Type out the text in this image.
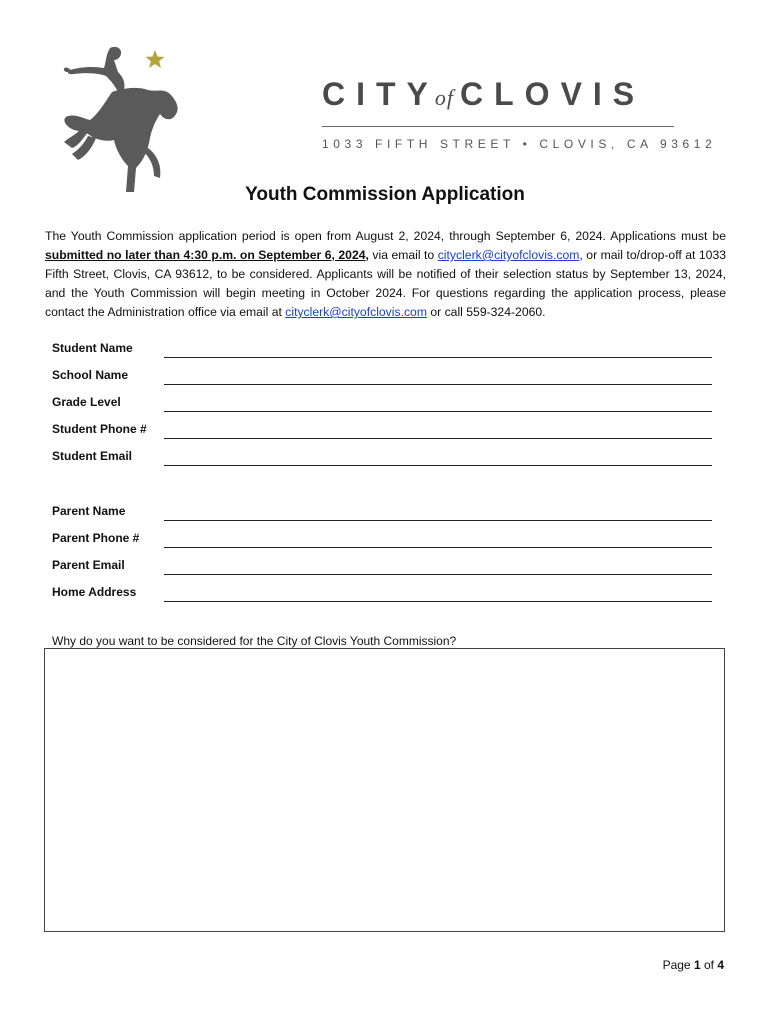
CITY
of CLOVIS
1033 FIFTH STREET • CLOVIS, CA 93612
Youth Commission Application

The Youth Commission application period is open from August 2, 2024, through September 6, 2024. Applications must be submitted no later than 4:30 p.m. on September 6, 2024, via email to cityclerk@cityofclovis.com, or mail to/drop-off at 1033 Fifth Street, Clovis, CA 93612, to be considered. Applicants will be notified of their selection status by September 13, 2024, and the Youth Commission will begin meeting in October 2024. For questions regarding the application process, please contact the Administration office via email at cityclerk@cityofclovis.com or call 559-324-2060.

Student Name
School Name
Grade Level
Student Phone #
Student Email
Parent Name
Parent Phone #
Parent Email
Home Address
Why do you want to be considered for the City of Clovis Youth Commission?
Page 1 of 4
